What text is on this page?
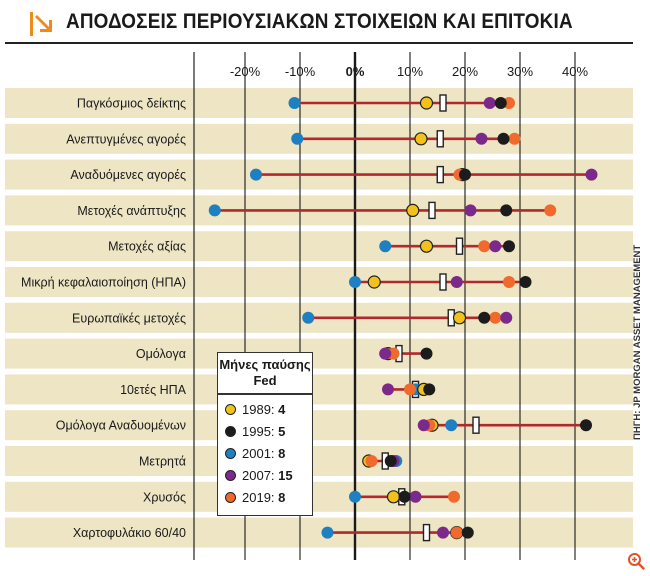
ΑΠΟΔΟΣΕΙΣ ΠΕΡΙΟΥΣΙΑΚΩΝ ΣΤΟΙΧΕΙΩΝ ΚΑΙ ΕΠΙΤΟΚΙΑ
-20% -10% 0%	10% 20% 30% 40%
Παγκόσμιος δείκτης
Ανεπτυγμένες αγορές
Αναδυόμενες αγορές
Μετοχές ανάπτυξης
Μετοχές αξίας
Μικρή κεφαλαιοποίηση (ΗΠΑ)
Ευρωπαϊκές μετοχές
Ομόλογα
10ετές ΗΠΑ
Ομόλογα Αναδυομένων
Μετρητά
Χρυσός
Χαρτοφυλάκιο 60/40
Μήνες παύσης Fed
1989: 4
1995: 5
2001: 8
2007: 15
2019: 8
ΠΗΓΗ: JP MORGAN ASSET MANAGEMENT
